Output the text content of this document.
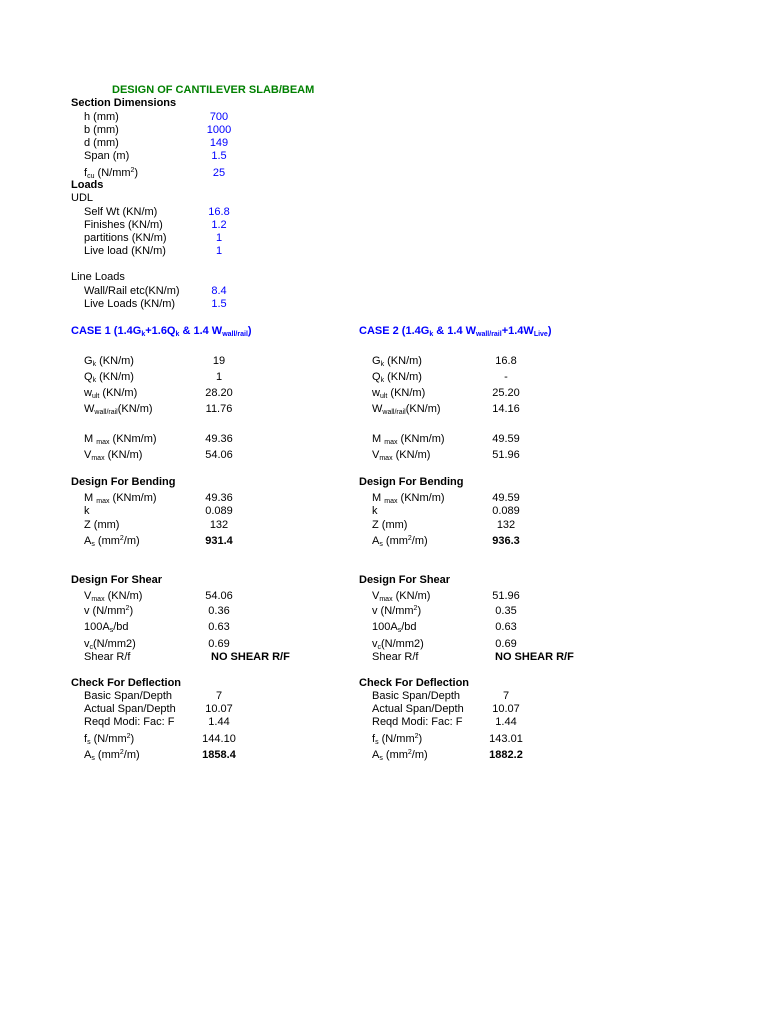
DESIGN OF CANTILEVER SLAB/BEAM
Section Dimensions
h (mm)	700
b (mm)	1000
d (mm)	149
Span (m)	1.5
$f_{cu}$ $(N/mm^2)$	25
Loads
UDL
Self Wt (KN/m)	16.8
Finishes (KN/m)	1.2
partitions (KN/m)	1
Live load (KN/m)	1
Line Loads
Wall/Rail etc(KN/m)	8.4
Live Loads (KN/m)	1.5
CASE 1 ($1.4G_k+1.6Q_k$ & 1.4 $W_{wall/rail}$)
$G_k$ (KN/m)	19
$Q_k$ (KN/m)	1
$w_{ult}$ (KN/m)	28.20
$W_{wall/rail}(KN/m)$	11.76
M $_{max}$ (KNm/m)	49.36
$V_{max}$ (KN/m)	54.06
Design For Bending
M $_{max}$ (KNm/m)	49.36
k	0.089
Z (mm)	132
$A_s$ $(mm^2/m)$	931.4
Design For Shear
$V_{max}$ (KN/m)	54.06
v $(N/mm^2)$	0.36
$100A_s/bd$	0.63
$v_c(N/mm2)$	0.69
Shear R/f	NO SHEAR R/F
Check For Deflection
Basic Span/Depth	7
Actual Span/Depth	10.07
Reqd Modi: Fac: F	1.44
$f_s$ $(N/mm^2)$	144.10
$A_s$ $(mm^2/m)$	1858.4
CASE 2 ($1.4G_k$ & 1.4 $W_{wall/rail}+1.4W_{Live}$)
$G_k$ (KN/m)	16.8
$Q_k$ (KN/m)	-
$w_{ult}$ (KN/m)	25.20
$W_{wall/rail}(KN/m)$	14.16
M $_{max}$ (KNm/m)	49.59
$V_{max}$ (KN/m)	51.96
Design For Bending
M $_{max}$ (KNm/m)	49.59
k	0.089
Z (mm)	132
$A_s$ $(mm^2/m)$	936.3
Design For Shear
$V_{max}$ (KN/m)	51.96
v $(N/mm^2)$	0.35
$100A_s/bd$	0.63
$v_c(N/mm2)$	0.69
Shear R/f	NO SHEAR R/F
Check For Deflection
Basic Span/Depth	7
Actual Span/Depth	10.07
Reqd Modi: Fac: F	1.44
$f_s$ $(N/mm^2)$	143.01
$A_s$ $(mm^2/m)$	1882.2
